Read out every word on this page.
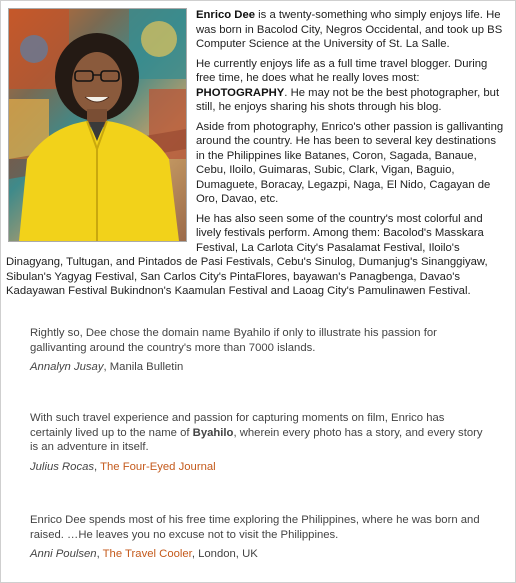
Enrico Dee is a twenty-something who simply enjoys life. He was born in Bacolod City, Negros Occidental, and took up BS Computer Science at the University of St. La Salle.

He currently enjoys life as a full time travel blogger. During free time, he does what he really loves most: PHOTOGRAPHY. He may not be the best photographer, but still, he enjoys sharing his shots through his blog.

Aside from photography, Enrico's other passion is gallivanting around the country. He has been to several key destinations in the Philippines like Batanes, Coron, Sagada, Banaue, Cebu, Iloilo, Guimaras, Subic, Clark, Vigan, Baguio, Dumaguete, Boracay, Legazpi, Naga, El Nido, Cagayan de Oro, Davao, etc.

He has also seen some of the country's most colorful and lively festivals perform. Among them: Bacolod's Masskara Festival, La Carlota City's Pasalamat Festival, Iloilo's Dinagyang, Tultugan, and Pintados de Pasi Festivals, Cebu's Sinulog, Dumanjug's Sinanggiyaw, Sibulan's Yagyag Festival, San Carlos City's PintaFlores, bayawan's Panagbenga, Davao's Kadayawan Festival Bukindnon's Kaamulan Festival and Laoag City's Pamulinawen Festival.

Rightly so, Dee chose the domain name Byahilo if only to illustrate his passion for gallivanting around the country's more than 7000 islands.

Annalyn Jusay, Manila Bulletin

With such travel experience and passion for capturing moments on film, Enrico has certainly lived up to the name of Byahilo, wherein every photo has a story, and every story is an adventure in itself.

Julius Rocas, The Four-Eyed Journal

Enrico Dee spends most of his free time exploring the Philippines, where he was born and raised. …He leaves you no excuse not to visit the Philippines.

Anni Poulsen, The Travel Cooler, London, UK
